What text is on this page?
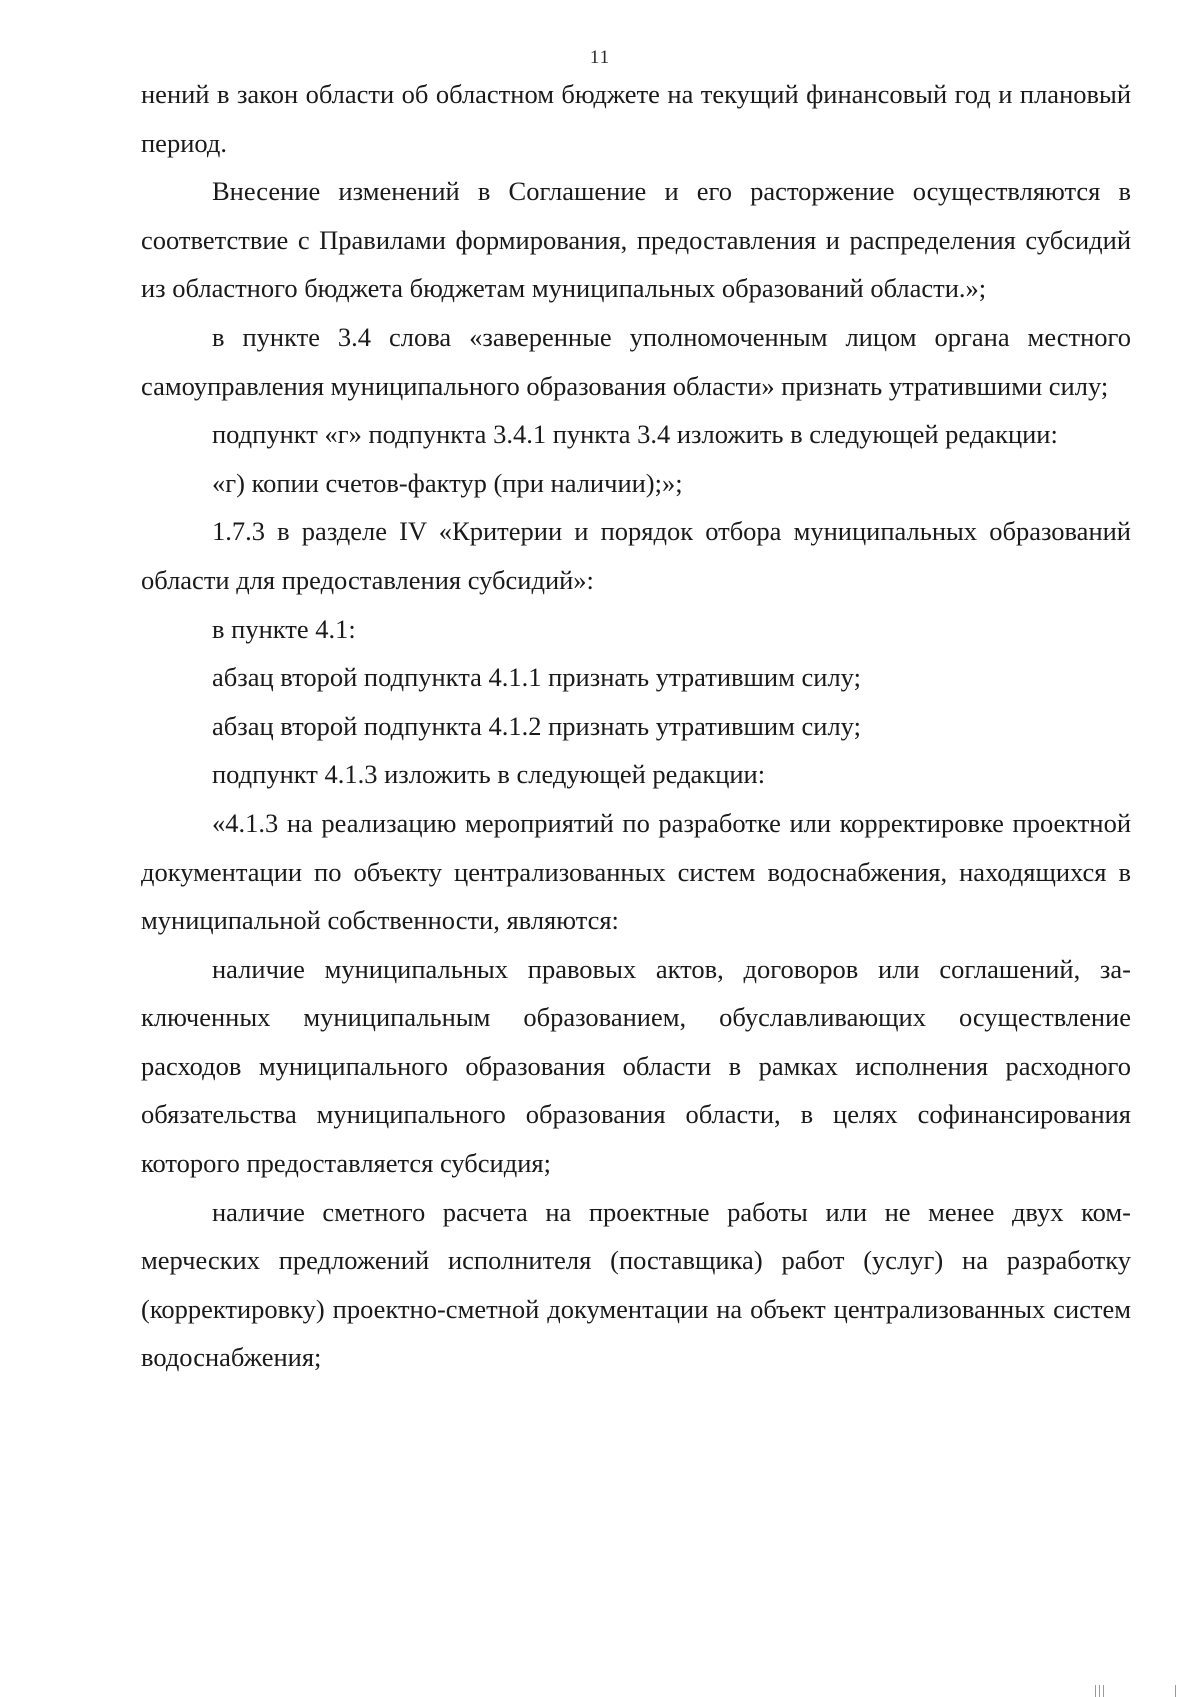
11

нений в закон области об областном бюджете на текущий финансовый год и плановый период.

Внесение изменений в Соглашение и его расторжение осуществляются в соответствие с Правилами формирования, предоставления и распределения субсидий из областного бюджета бюджетам муниципальных образований области.»;

в пункте 3.4 слова «заверенные уполномоченным лицом органа местного самоуправления муниципального образования области» признать утратившими силу;

подпункт «г» подпункта 3.4.1 пункта 3.4 изложить в следующей редакции:

«г) копии счетов-фактур (при наличии);»;

1.7.3 в разделе IV «Критерии и порядок отбора муниципальных образований области для предоставления субсидий»:

в пункте 4.1:

абзац второй подпункта 4.1.1 признать утратившим силу;

абзац второй подпункта 4.1.2 признать утратившим силу;

подпункт 4.1.3 изложить в следующей редакции:

«4.1.3 на реализацию мероприятий по разработке или корректировке проектной документации по объекту централизованных систем водоснабжения, находящихся в муниципальной собственности, являются:

наличие муниципальных правовых актов, договоров или соглашений, заключенных муниципальным образованием, обуславливающих осуществление расходов муниципального образования области в рамках исполнения расходного обязательства муниципального образования области, в целях софинансирования которого предоставляется субсидия;

наличие сметного расчета на проектные работы или не менее двух коммерческих предложений исполнителя (поставщика) работ (услуг) на разработку (корректировку) проектно-сметной документации на объект централизованных систем водоснабжения;
